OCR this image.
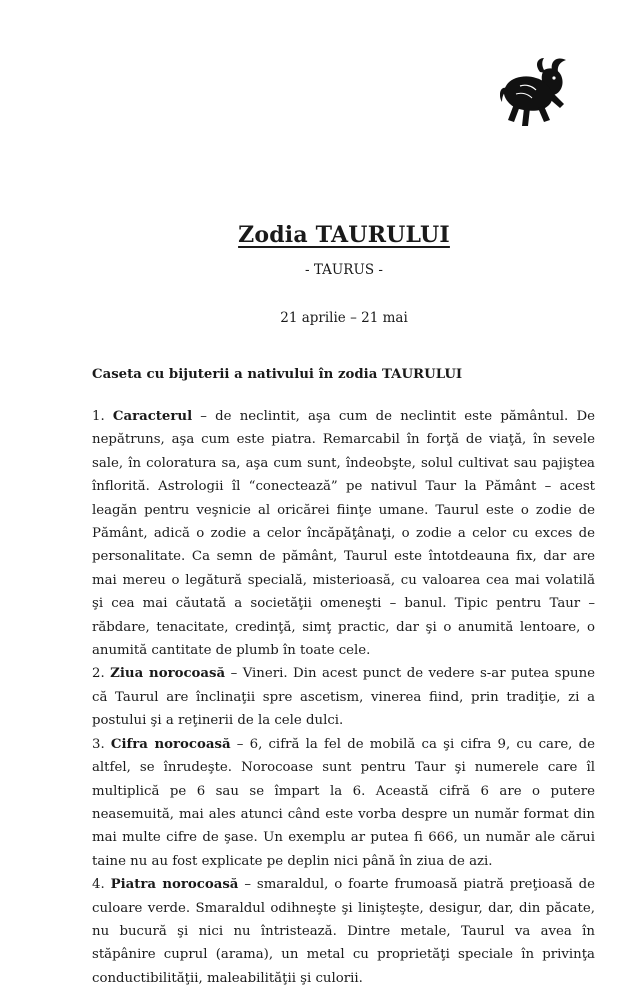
Zodia TAURULUI
- TAURUS -
21 aprilie – 21 mai
Caseta cu bijuterii a nativului în zodia TAURULUI

1. Caracterul – de neclintit, aşa cum de neclintit este pământul. De nepătruns, aşa cum este piatra. Remarcabil în forţă de viaţă, în sevele sale, în coloratura sa, aşa cum sunt, îndeobşte, solul cultivat sau pajiştea înflorită. Astrologii îl “conectează” pe nativul Taur la Pământ – acest leagăn pentru veşnicie al oricărei fiinţe umane. Taurul este o zodie de Pământ, adică o zodie a celor încăpăţânaţi, o zodie a celor cu exces de personalitate. Ca semn de pământ, Taurul este întotdeauna fix, dar are mai mereu o legătură specială, misterioasă, cu valoarea cea mai volatilă şi cea mai căutată a societăţii omeneşti – banul. Tipic pentru Taur – răbdare, tenacitate, credinţă, simţ practic, dar şi o anumită lentoare, o anumită cantitate de plumb în toate cele.

2. Ziua norocoasă – Vineri. Din acest punct de vedere s-ar putea spune că Taurul are înclinaţii spre ascetism, vinerea fiind, prin tradiţie, zi a postului şi a reţinerii de la cele dulci.

3. Cifra norocoasă – 6, cifră la fel de mobilă ca şi cifra 9, cu care, de altfel, se înrudeşte. Norocoase sunt pentru Taur şi numerele care îl multiplică pe 6 sau se împart la 6. Această cifră 6 are o putere neasemuită, mai ales atunci când este vorba despre un număr format din mai multe cifre de şase. Un exemplu ar putea fi 666, un număr ale cărui taine nu au fost explicate pe deplin nici până în ziua de azi.

4. Piatra norocoasă – smaraldul, o foarte frumoasă piatră preţioasă de culoare verde. Smaraldul odihneşte şi linişteşte, desigur, dar, din păcate, nu bucură şi nici nu întristează. Dintre metale, Taurul va avea în stăpânire cuprul (arama), un metal cu proprietăţi speciale în privinţa conductibilităţii, maleabilităţii şi culorii.
